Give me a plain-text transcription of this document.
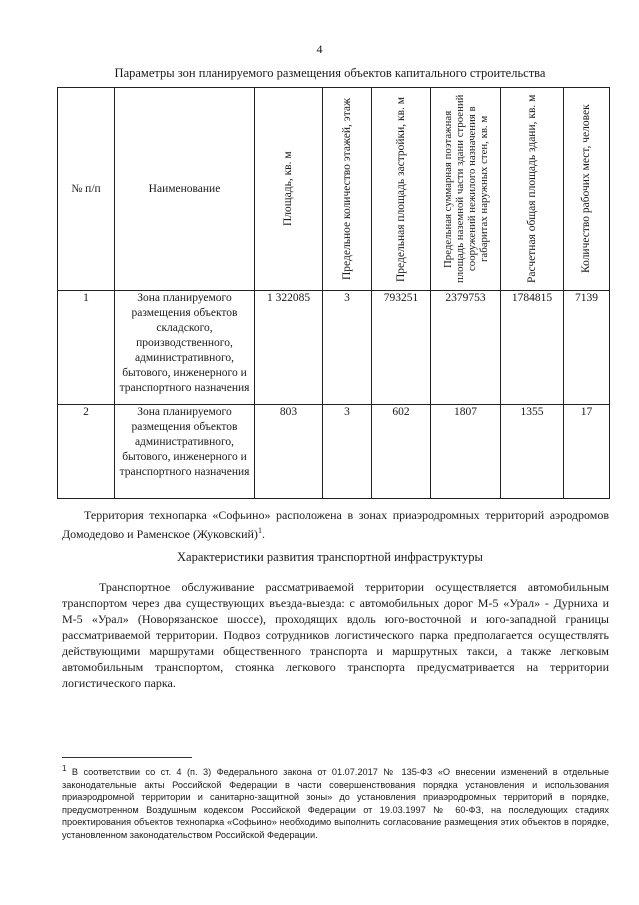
4
Параметры зон планируемого размещения объектов капитального строительства
№ п/п	Наименование	Площадь, кв. м	Предельное количество этажей, этаж	Предельная площадь застройки, кв. м	Предельная суммарная поэтажная площадь наземной части здани строений сооружений нежилого назначения в габаритах наружных стен, кв. м	Расчетная общая площадь здани, кв. м	Количество рабочих мест, человек

1	Зона планируемого размещения объектов складского, производственного, административного, бытового, инженерного и транспортного назначения	1 322085	3	793251	2379753	1784815	7139
2	Зона планируемого размещения объектов административного, бытового, инженерного и транспортного назначения	803	3	602	1807	1355	17
Территория технопарка «Софьино» расположена в зонах приаэродромных территорий аэродромов Домодедово и Раменское (Жуковский)$^1$.
Характеристики развития транспортной инфраструктуры
Транспортное обслуживание рассматриваемой территории осуществляется автомобильным транспортом через два существующих въезда-выезда: с автомобильных дорог М-5 «Урал» - Дурниха и М-5 «Урал» (Новорязанское шоссе), проходящих вдоль юго-восточной и юго-западной границы рассматриваемой территории. Подвоз сотрудников логистического парка предполагается осуществлять действующими маршрутами общественного транспорта и маршрутных такси, а также легковым автомобильным транспортом, стоянка легкового транспорта предусматривается на территории логистического парка.
$^1$ В соответствии со ст. 4 (п. 3) Федерального закона от 01.07.2017 № 135-ФЗ «О внесении изменений в отдельные законодательные акты Российской Федерации в части совершенствования порядка установления и использования приаэродромной территории и санитарно-защитной зоны» до установления приаэродромных территорий в порядке, предусмотренном Воздушным кодексом Российской Федерации от 19.03.1997 № 60-ФЗ, на последующих стадиях проектирования объектов технопарка «Софьино» необходимо выполнить согласование размещения этих объектов в порядке, установленном законодательством Российской Федерации.
